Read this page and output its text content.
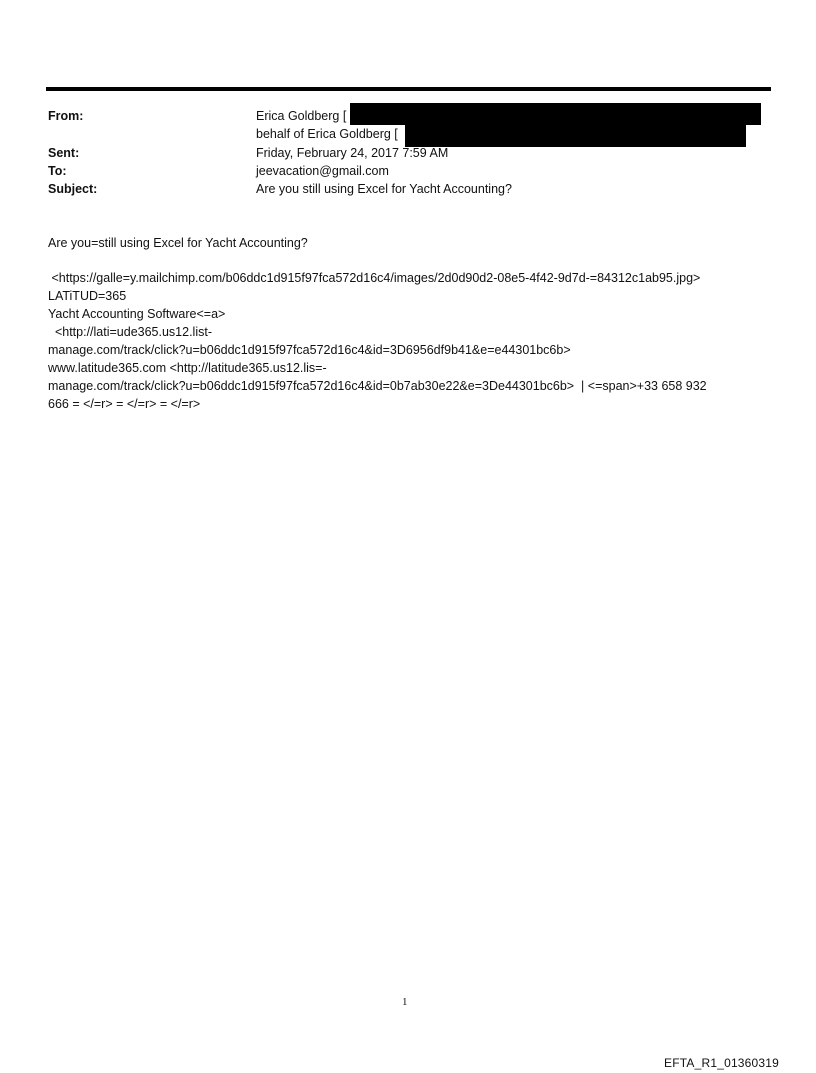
From:	Erica Goldberg [
behalf of Erica Goldberg [
Sent:	Friday, February 24, 2017 7:59 AM
To:	jeevacation@gmail.com
Subject:	Are you still using Excel for Yacht Accounting?
Are you=still using Excel for Yacht Accounting?
<https://galle=y.mailchimp.com/b06ddc1d915f97fca572d16c4/images/2d0d90d2-08e5-4f42-9d7d-=84312c1ab95.jpg>
LATiTUD=365
Yacht Accounting Software<=a>
<http://lati=ude365.us12.list-
manage.com/track/click?u=b06ddc1d915f97fca572d16c4&id=3D6956df9b41&e=e44301bc6b>
www.latitude365.com <http://latitude365.us12.lis=-
manage.com/track/click?u=b06ddc1d915f97fca572d16c4&id=0b7ab30e22&e=3De44301bc6b>  | <=span>+33 658 932
666 = </=r> = </=r> = </=r>
1
EFTA_R1_01360319
